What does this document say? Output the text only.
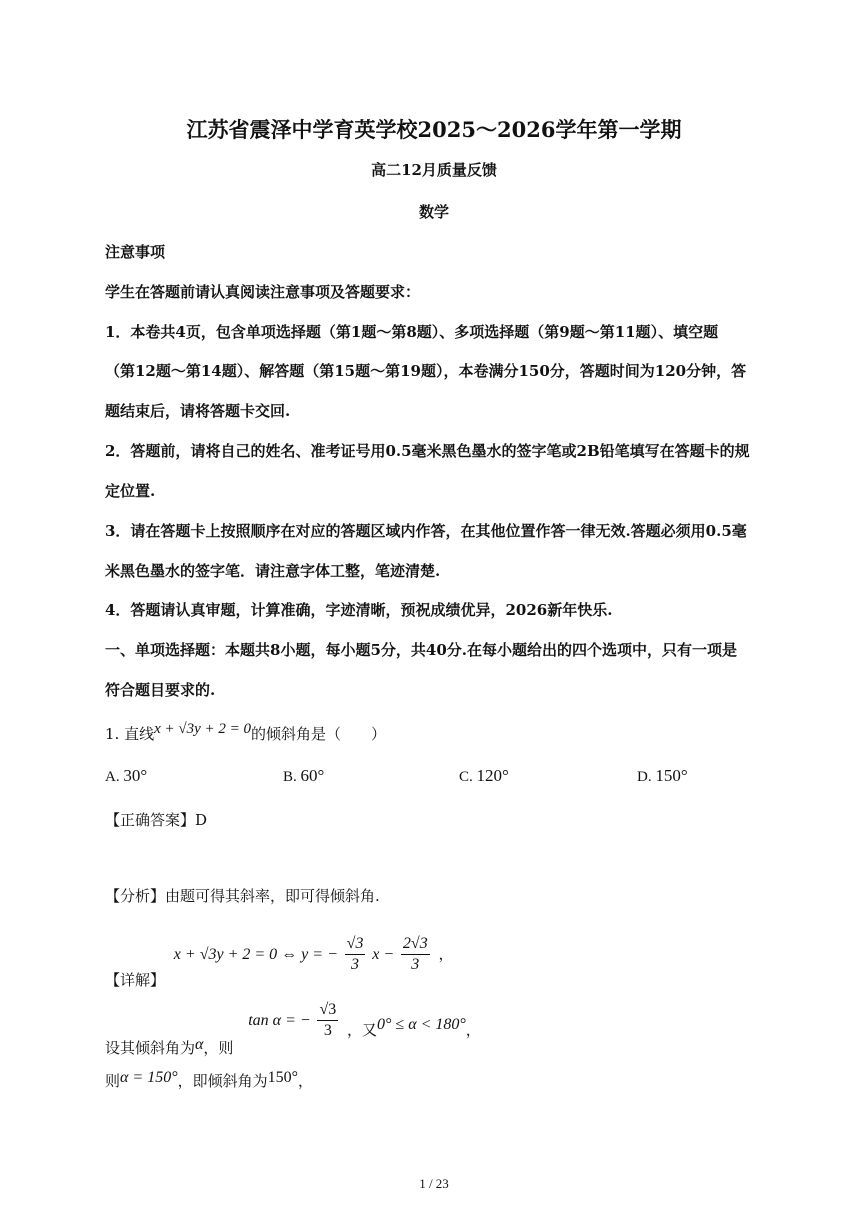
江苏省震泽中学育英学校2025～2026学年第一学期
高二12月质量反馈
数学
注意事项
学生在答题前请认真阅读注意事项及答题要求：
1．本卷共4页，包含单项选择题（第1题～第8题）、多项选择题（第9题～第11题）、填空题
（第12题～第14题）、解答题（第15题～第19题），本卷满分150分，答题时间为120分钟，答
题结束后，请将答题卡交回.
2．答题前，请将自己的姓名、准考证号用0.5毫米黑色墨水的签字笔或2B铅笔填写在答题卡的规
定位置.
3．请在答题卡上按照顺序在对应的答题区域内作答，在其他位置作答一律无效.答题必须用0.5毫
米黑色墨水的签字笔．请注意字体工整，笔迹清楚.
4．答题请认真审题，计算准确，字迹清晰，预祝成绩优异，2026新年快乐.
一、单项选择题：本题共8小题，每小题5分，共40分.在每小题给出的四个选项中，只有一项是
符合题目要求的.
1. 直线x + √3y + 2 = 0的倾斜角是（　　）
A. 30°	B. 60°	C. 120°	D. 150°
【正确答案】D
【分析】由题可得其斜率，即可得倾斜角.
【详解】 x + √3y + 2 = 0 ⇔ y = − $\frac{√3}{3}$ $x - \frac{2√3}{3}$ ，
设其倾斜角为α，则 tan α = − $\frac{√3}{3}$ ，又0° ≤ α < 180°，
则α = 150°，即倾斜角为150°，
1 / 23
